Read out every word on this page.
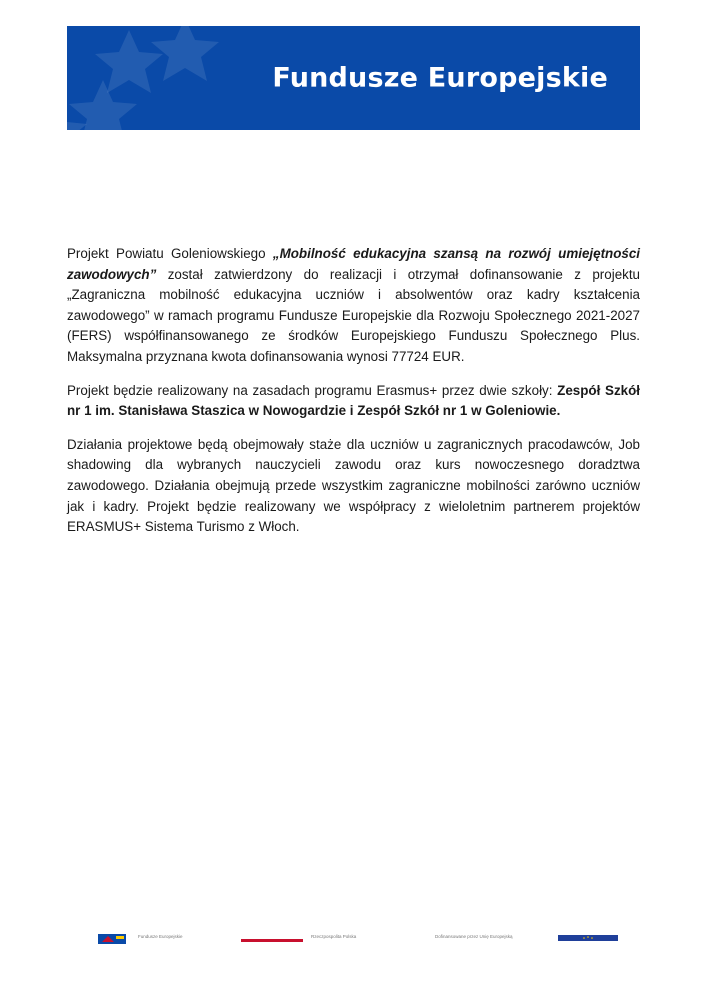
Fundusze Europejskie

Projekt Powiatu Goleniowskiego „Mobilność edukacyjna szansą na rozwój umiejętności zawodowych” został zatwierdzony do realizacji i otrzymał dofinansowanie z projektu „Zagraniczna mobilność edukacyjna uczniów i absolwentów oraz kadry kształcenia zawodowego” w ramach programu Fundusze Europejskie dla Rozwoju Społecznego 2021-2027 (FERS) współfinansowanego ze środków Europejskiego Funduszu Społecznego Plus. Maksymalna przyznana kwota dofinansowania wynosi 77724 EUR.

Projekt będzie realizowany na zasadach programu Erasmus+ przez dwie szkoły: Zespół Szkół nr 1 im. Stanisława Staszica w Nowogardzie i Zespół Szkół nr 1 w Goleniowie.

Działania projektowe będą obejmowały staże dla uczniów u zagranicznych pracodawców, Job shadowing dla wybranych nauczycieli zawodu oraz kurs nowoczesnego doradztwa zawodowego. Działania obejmują przede wszystkim zagraniczne mobilności zarówno uczniów jak i kadry. Projekt będzie realizowany we współpracy z wieloletnim partnerem projektów ERASMUS+ Sistema Turismo z Włoch.

Fundusze Europejskie	Rzeczpospolita Polska	Dofinansowane przez Unię Europejską
